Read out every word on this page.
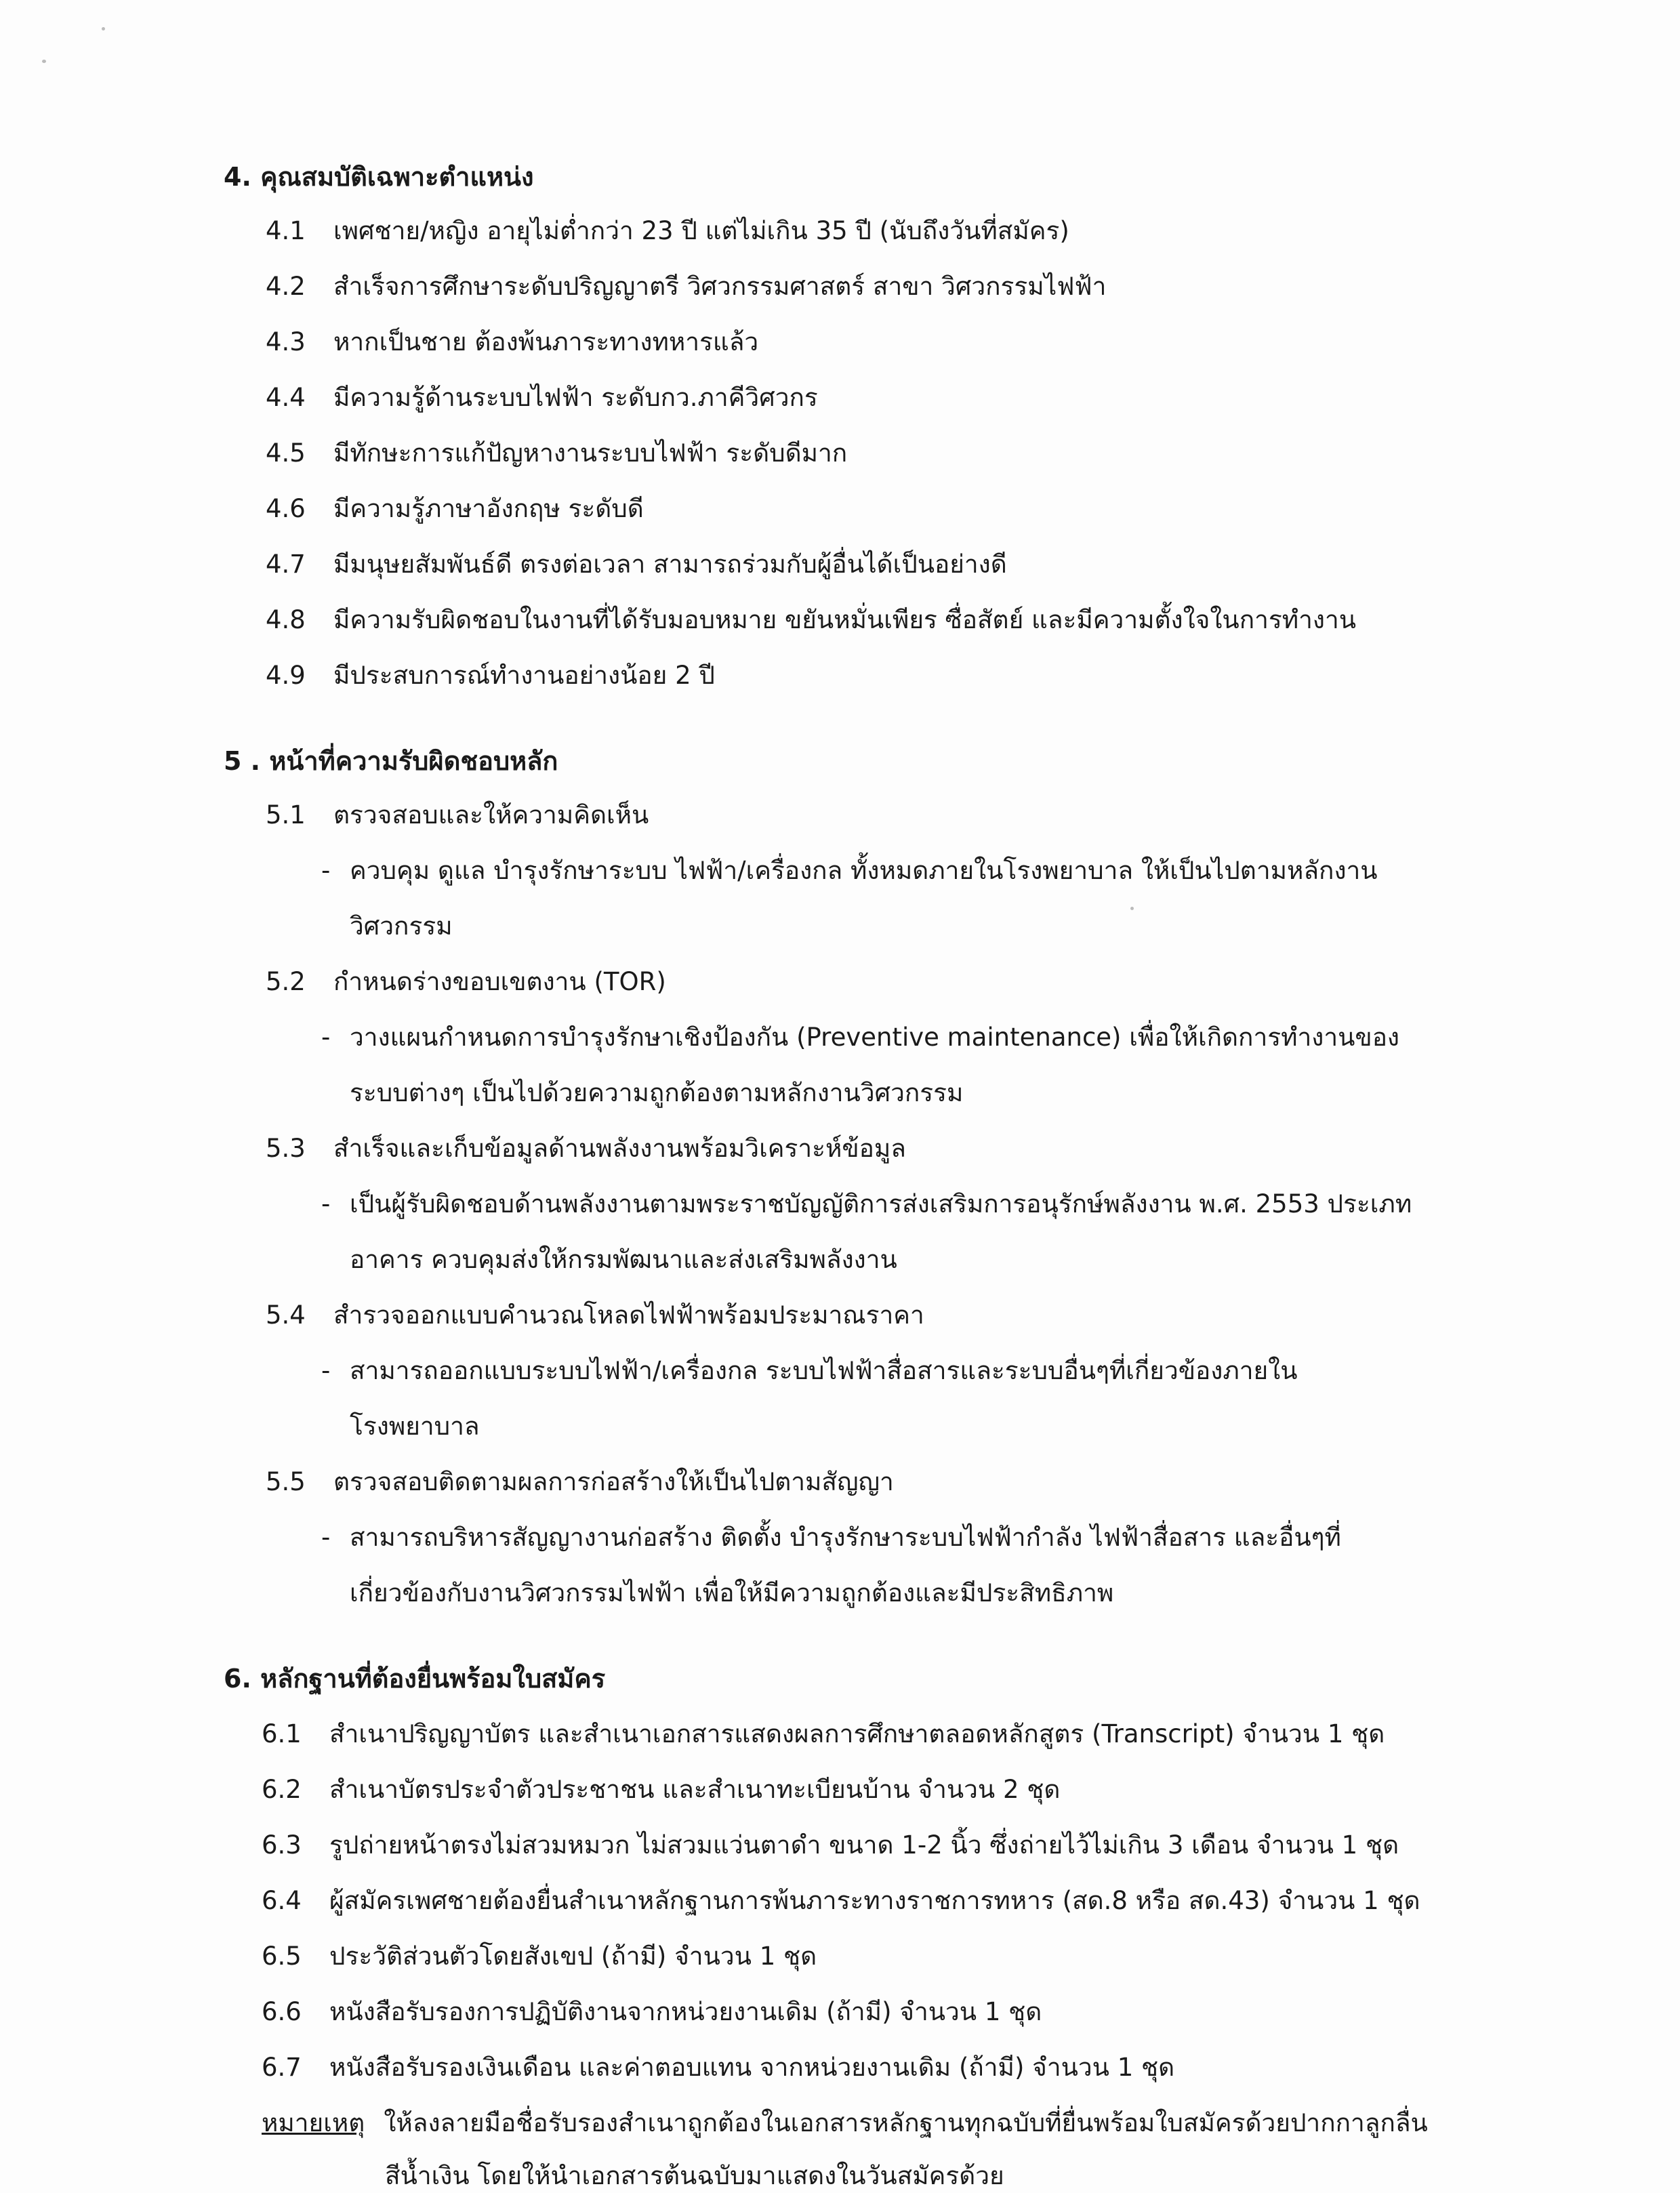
4. คุณสมบัติเฉพาะตำแหน่ง
4.1 เพศชาย/หญิง อายุไม่ต่ำกว่า 23 ปี แต่ไม่เกิน 35 ปี (นับถึงวันที่สมัคร)
4.2 สำเร็จการศึกษาระดับปริญญาตรี วิศวกรรมศาสตร์ สาขา วิศวกรรมไฟฟ้า
4.3 หากเป็นชาย ต้องพ้นภาระทางทหารแล้ว
4.4 มีความรู้ด้านระบบไฟฟ้า ระดับกว.ภาคีวิศวกร
4.5 มีทักษะการแก้ปัญหางานระบบไฟฟ้า ระดับดีมาก
4.6 มีความรู้ภาษาอังกฤษ ระดับดี
4.7 มีมนุษยสัมพันธ์ดี ตรงต่อเวลา สามารถร่วมกับผู้อื่นได้เป็นอย่างดี
4.8 มีความรับผิดชอบในงานที่ได้รับมอบหมาย ขยันหมั่นเพียร ซื่อสัตย์ และมีความตั้งใจในการทำงาน
4.9 มีประสบการณ์ทำงานอย่างน้อย 2 ปี
5 . หน้าที่ความรับผิดชอบหลัก
5.1 ตรวจสอบและให้ความคิดเห็น
- ควบคุม ดูแล บำรุงรักษาระบบ ไฟฟ้า/เครื่องกล ทั้งหมดภายในโรงพยาบาล ให้เป็นไปตามหลักงาน
วิศวกรรม
5.2 กำหนดร่างขอบเขตงาน (TOR)
- วางแผนกำหนดการบำรุงรักษาเชิงป้องกัน (Preventive maintenance) เพื่อให้เกิดการทำงานของ
ระบบต่างๆ เป็นไปด้วยความถูกต้องตามหลักงานวิศวกรรม
5.3 สำเร็จและเก็บข้อมูลด้านพลังงานพร้อมวิเคราะห์ข้อมูล
- เป็นผู้รับผิดชอบด้านพลังงานตามพระราชบัญญัติการส่งเสริมการอนุรักษ์พลังงาน พ.ศ. 2553 ประเภท
อาคาร ควบคุมส่งให้กรมพัฒนาและส่งเสริมพลังงาน
5.4 สำรวจออกแบบคำนวณโหลดไฟฟ้าพร้อมประมาณราคา
- สามารถออกแบบระบบไฟฟ้า/เครื่องกล ระบบไฟฟ้าสื่อสารและระบบอื่นๆที่เกี่ยวข้องภายใน
โรงพยาบาล
5.5 ตรวจสอบติดตามผลการก่อสร้างให้เป็นไปตามสัญญา
- สามารถบริหารสัญญางานก่อสร้าง ติดตั้ง บำรุงรักษาระบบไฟฟ้ากำลัง ไฟฟ้าสื่อสาร และอื่นๆที่
เกี่ยวข้องกับงานวิศวกรรมไฟฟ้า เพื่อให้มีความถูกต้องและมีประสิทธิภาพ
6. หลักฐานที่ต้องยื่นพร้อมใบสมัคร
6.1 สำเนาปริญญาบัตร และสำเนาเอกสารแสดงผลการศึกษาตลอดหลักสูตร (Transcript) จำนวน 1 ชุด
6.2 สำเนาบัตรประจำตัวประชาชน และสำเนาทะเบียนบ้าน จำนวน 2 ชุด
6.3 รูปถ่ายหน้าตรงไม่สวมหมวก ไม่สวมแว่นตาดำ ขนาด 1-2 นิ้ว ซึ่งถ่ายไว้ไม่เกิน 3 เดือน จำนวน 1 ชุด
6.4 ผู้สมัครเพศชายต้องยื่นสำเนาหลักฐานการพ้นภาระทางราชการทหาร (สด.8 หรือ สด.43) จำนวน 1 ชุด
6.5 ประวัติส่วนตัวโดยสังเขป (ถ้ามี) จำนวน 1 ชุด
6.6 หนังสือรับรองการปฏิบัติงานจากหน่วยงานเดิม (ถ้ามี) จำนวน 1 ชุด
6.7 หนังสือรับรองเงินเดือน และค่าตอบแทน จากหน่วยงานเดิม (ถ้ามี) จำนวน 1 ชุด
หมายเหตุ ให้ลงลายมือชื่อรับรองสำเนาถูกต้องในเอกสารหลักฐานทุกฉบับที่ยื่นพร้อมใบสมัครด้วยปากกาลูกลื่น
สีน้ำเงิน โดยให้นำเอกสารต้นฉบับมาแสดงในวันสมัครด้วย
